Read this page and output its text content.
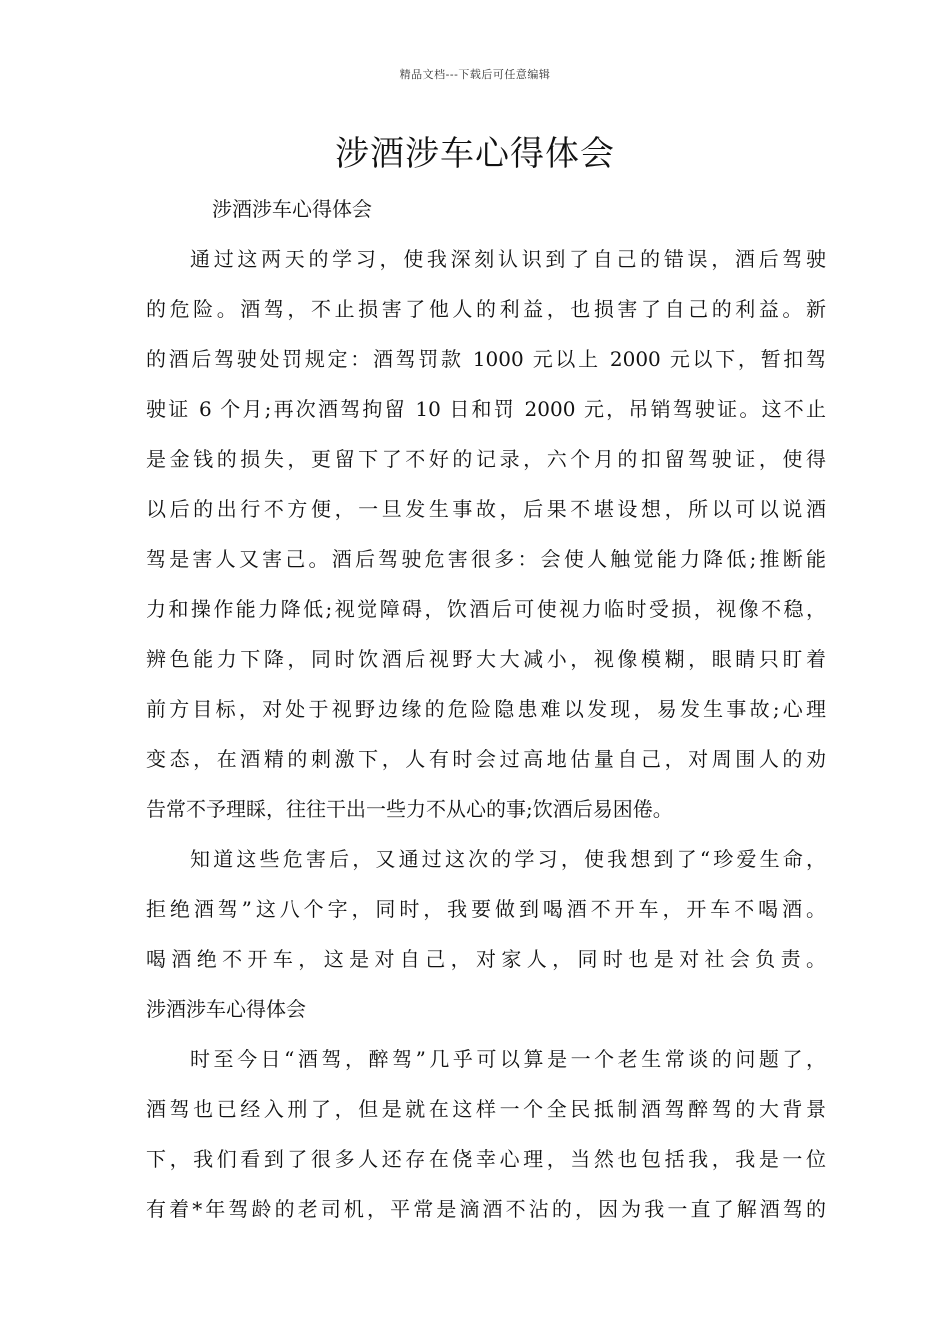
精品文档---下载后可任意编辑
涉酒涉车心得体会
涉酒涉车心得体会
通过这两天的学习，使我深刻认识到了自己的错误，酒后驾驶
的危险。酒驾，不止损害了他人的利益，也损害了自己的利益。新
的酒后驾驶处罚规定：酒驾罚款 1000 元以上 2000 元以下，暂扣驾
驶证 6 个月;再次酒驾拘留 10 日和罚 2000 元，吊销驾驶证。这不止
是金钱的损失，更留下了不好的记录，六个月的扣留驾驶证，使得
以后的出行不方便，一旦发生事故，后果不堪设想，所以可以说酒
驾是害人又害己。酒后驾驶危害很多：会使人触觉能力降低;推断能
力和操作能力降低;视觉障碍，饮酒后可使视力临时受损，视像不稳，
辨色能力下降，同时饮酒后视野大大减小，视像模糊，眼睛只盯着
前方目标，对处于视野边缘的危险隐患难以发现，易发生事故;心理
变态，在酒精的刺激下，人有时会过高地估量自己，对周围人的劝
告常不予理睬，往往干出一些力不从心的事;饮酒后易困倦。
知道这些危害后，又通过这次的学习，使我想到了“珍爱生命，
拒绝酒驾”这八个字，同时，我要做到喝酒不开车，开车不喝酒。
喝酒绝不开车，这是对自己，对家人，同时也是对社会负责。
涉酒涉车心得体会
时至今日“酒驾，醉驾”几乎可以算是一个老生常谈的问题了，
酒驾也已经入刑了，但是就在这样一个全民抵制酒驾醉驾的大背景
下，我们看到了很多人还存在侥幸心理，当然也包括我，我是一位
有着*年驾龄的老司机，平常是滴酒不沾的，因为我一直了解酒驾的
